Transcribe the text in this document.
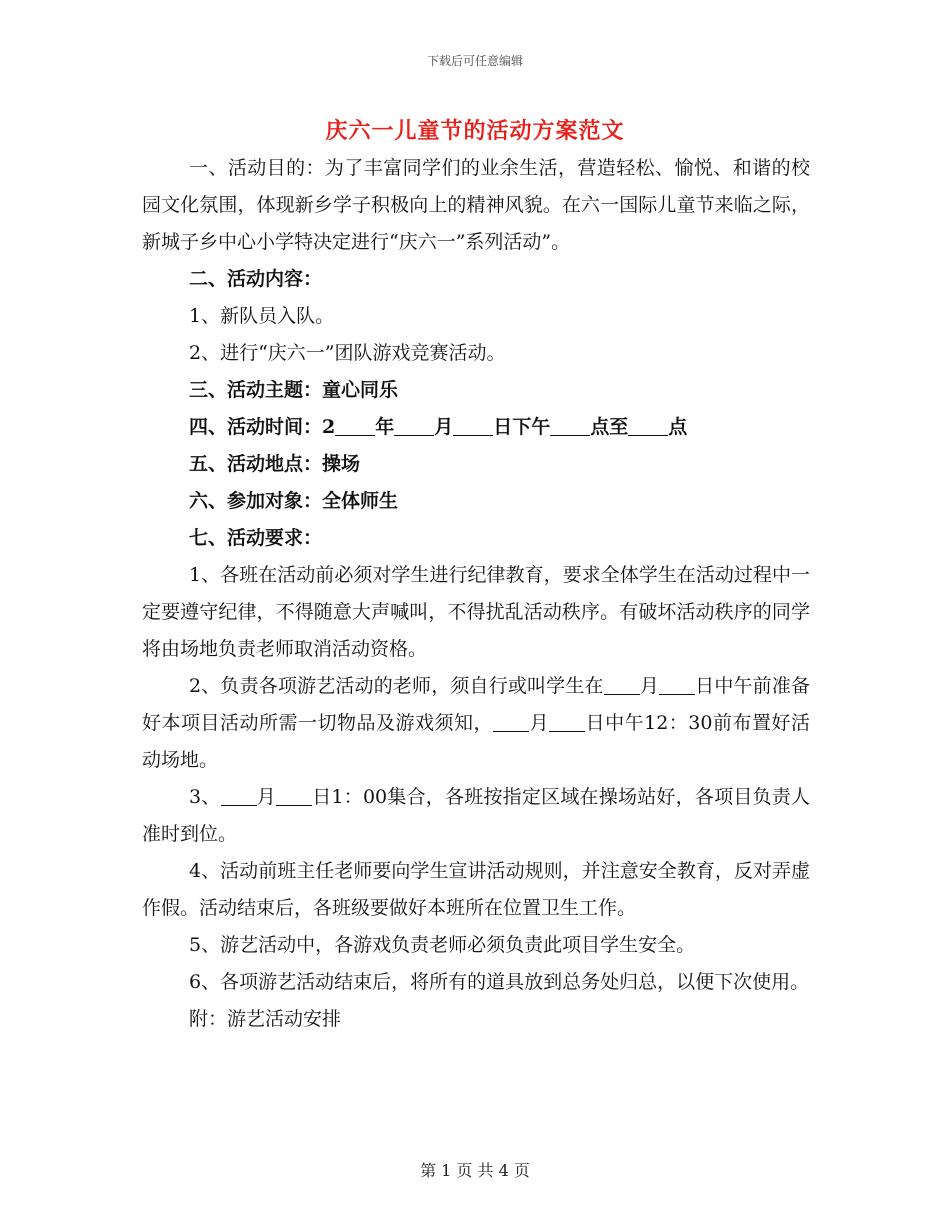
下载后可任意编辑
庆六一儿童节的活动方案范文

一、活动目的：为了丰富同学们的业余生活，营造轻松、愉悦、和谐的校园文化氛围，体现新乡学子积极向上的精神风貌。在六一国际儿童节来临之际，新城子乡中心小学特决定进行“庆六一”系列活动”。

二、活动内容：

1、新队员入队。

2、进行“庆六一”团队游戏竞赛活动。

三、活动主题：童心同乐

四、活动时间：2 年 月 日下午 点至 点

五、活动地点：操场

六、参加对象：全体师生

七、活动要求：

1、各班在活动前必须对学生进行纪律教育，要求全体学生在活动过程中一定要遵守纪律，不得随意大声喊叫，不得扰乱活动秩序。有破坏活动秩序的同学将由场地负责老师取消活动资格。

2、负责各项游艺活动的老师，须自行或叫学生在 月 日中午前准备好本项目活动所需一切物品及游戏须知， 月 日中午12：30前布置好活动场地。

3、 月 日1：00集合，各班按指定区域在操场站好，各项目负责人准时到位。

4、活动前班主任老师要向学生宣讲活动规则，并注意安全教育，反对弄虚作假。活动结束后，各班级要做好本班所在位置卫生工作。

5、游艺活动中，各游戏负责老师必须负责此项目学生安全。

6、各项游艺活动结束后，将所有的道具放到总务处归总，以便下次使用。

附：游艺活动安排

第 1 页 共 4 页
